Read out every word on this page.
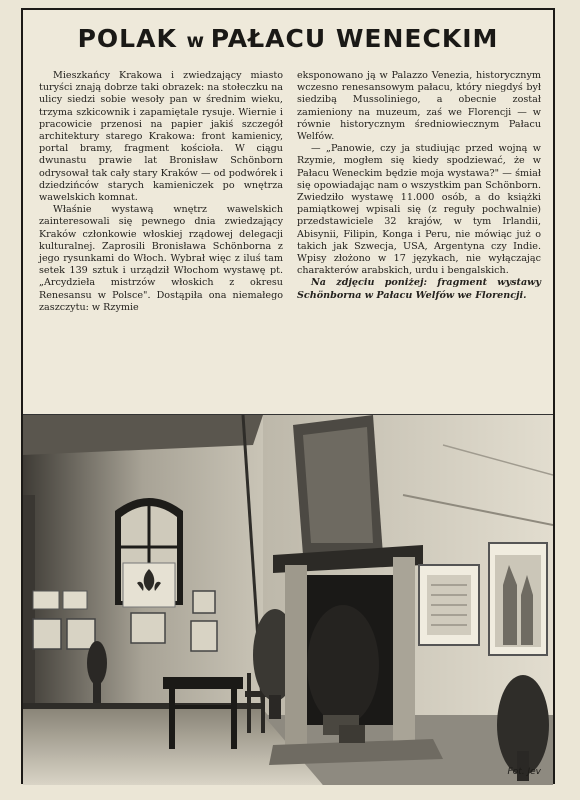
POLAK w PAŁACU WENECKIM

Mieszkańcy Krakowa i zwiedzający miasto turyści znają dobrze taki obrazek: na stołeczku na ulicy siedzi sobie wesoły pan w średnim wieku, trzyma szkicownik i zapamiętale rysuje. Wiernie i pracowicie przenosi na papier jakiś szczegół architektury starego Krakowa: front kamienicy, portal bramy, fragment kościoła. W ciągu dwunastu prawie lat Bronisław Schönborn odrysował tak cały stary Kraków — od podwórek i dziedzińców starych kamieniczek po wnętrza wawelskich komnat.

Właśnie wystawą wnętrz wawelskich zainteresowali się pewnego dnia zwiedzający Kraków członkowie włoskiej rządowej delegacji kulturalnej. Zaprosili Bronisława Schönborna z jego rysunkami do Włoch. Wybrał więc z iluś tam setek 139 sztuk i urządził Włochom wystawę pt. „Arcydzieła mistrzów włoskich z okresu Renesansu w Polsce". Dostąpiła ona niemałego zaszczytu: w Rzymie

eksponowano ją w Palazzo Venezia, historycznym wczesno renesansowym pałacu, który niegdyś był siedzibą Mussoliniego, a obecnie został zamieniony na muzeum, zaś we Florencji — w równie historycznym średniowiecznym Pałacu Welfów.

— „Panowie, czy ja studiując przed wojną w Rzymie, mogłem się kiedy spodziewać, że w Pałacu Weneckim będzie moja wystawa?" — śmiał się opowiadając nam o wszystkim pan Schönborn. Zwiedziło wystawę 11.000 osób, a do książki pamiątkowej wpisali się (z reguły pochwalnie) przedstawiciele 32 krajów, w tym Irlandii, Abisynii, Filipin, Konga i Peru, nie mówiąc już o takich jak Szwecja, USA, Argentyna czy Indie. Wpisy złożono w 17 językach, nie wyłączając charakterów arabskich, urdu i bengalskich.

Na zdjęciu poniżej: fragment wystawy Schönborna w Pałacu Welfów we Florencji.

Fot. Jev
